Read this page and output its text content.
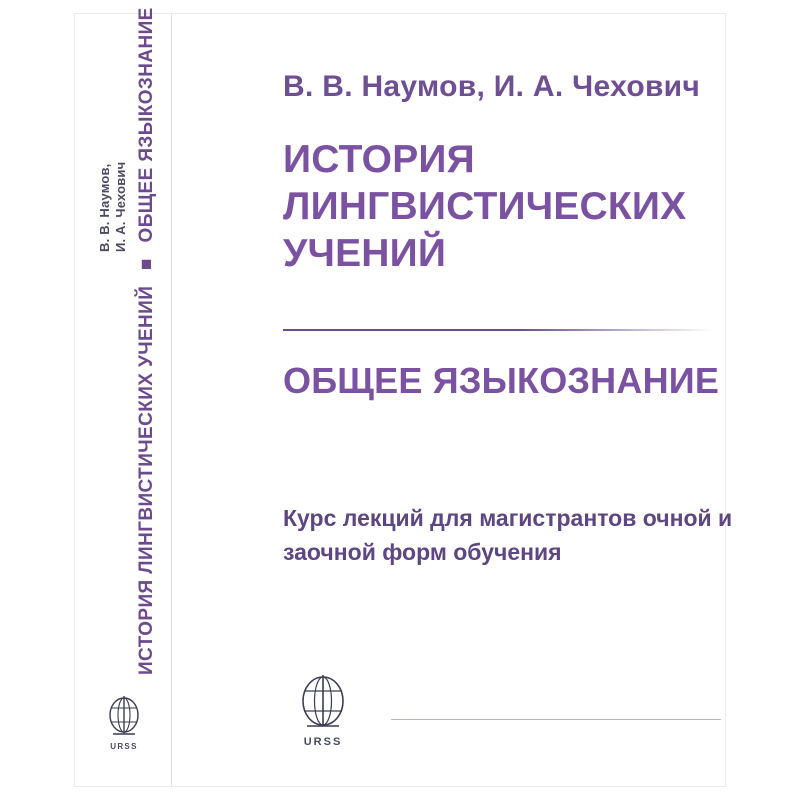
В. В. Наумов, И. А. Чехович
ИСТОРИЯ ЛИНГВИСТИЧЕСКИХ УЧЕНИЙ ■ ОБЩЕЕ ЯЗЫКОЗНАНИЕ
URSS
В. В. Наумов, И. А. Чехович
ИСТОРИЯ ЛИНГВИСТИЧЕСКИХ УЧЕНИЙ
ОБЩЕЕ ЯЗЫКОЗНАНИЕ
Курс лекций для магистрантов очной и заочной форм обучения
URSS
